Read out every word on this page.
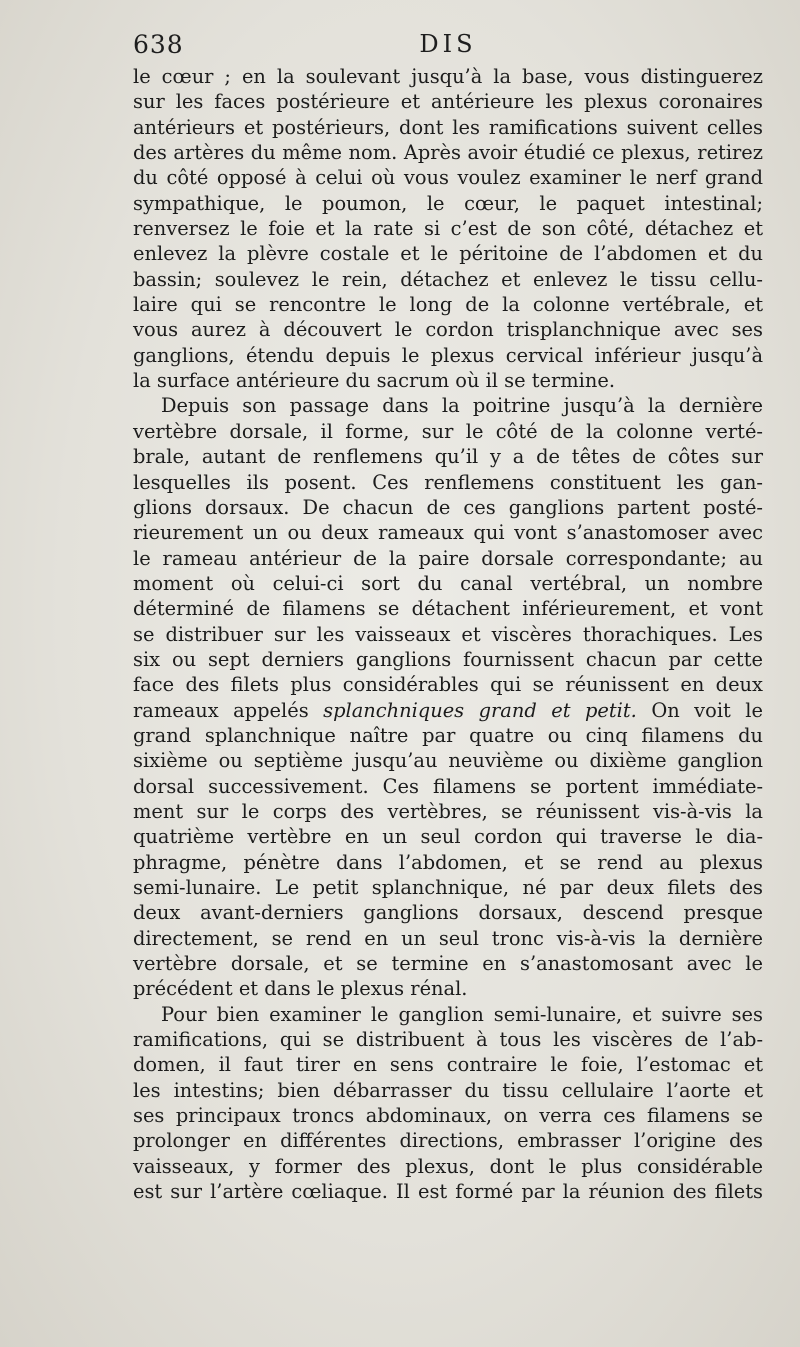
638	DIS
le cœur ; en la soulevant jusqu’à la base, vous distinguerez
sur les faces postérieure et antérieure les plexus coronaires
antérieurs et postérieurs, dont les ramifications suivent celles
des artères du même nom. Après avoir étudié ce plexus, retirez
du côté opposé à celui où vous voulez examiner le nerf grand
sympathique, le poumon, le cœur, le paquet intestinal;
renversez le foie et la rate si c’est de son côté, détachez et
enlevez la plèvre costale et le péritoine de l’abdomen et du
bassin; soulevez le rein, détachez et enlevez le tissu cellu-
laire qui se rencontre le long de la colonne vertébrale, et
vous aurez à découvert le cordon trisplanchnique avec ses
ganglions, étendu depuis le plexus cervical inférieur jusqu’à
la surface antérieure du sacrum où il se termine.
Depuis son passage dans la poitrine jusqu’à la dernière
vertèbre dorsale, il forme, sur le côté de la colonne verté-
brale, autant de renflemens qu’il y a de têtes de côtes sur
lesquelles ils posent. Ces renflemens constituent les gan-
glions dorsaux. De chacun de ces ganglions partent posté-
rieurement un ou deux rameaux qui vont s’anastomoser avec
le rameau antérieur de la paire dorsale correspondante; au
moment où celui-ci sort du canal vertébral, un nombre
déterminé de filamens se détachent inférieurement, et vont
se distribuer sur les vaisseaux et viscères thorachiques. Les
six ou sept derniers ganglions fournissent chacun par cette
face des filets plus considérables qui se réunissent en deux
rameaux appelés splanchniques grand et petit. On voit le
grand splanchnique naître par quatre ou cinq filamens du
sixième ou septième jusqu’au neuvième ou dixième ganglion
dorsal successivement. Ces filamens se portent immédiate-
ment sur le corps des vertèbres, se réunissent vis-à-vis la
quatrième vertèbre en un seul cordon qui traverse le dia-
phragme, pénètre dans l’abdomen, et se rend au plexus
semi-lunaire. Le petit splanchnique, né par deux filets des
deux avant-derniers ganglions dorsaux, descend presque
directement, se rend en un seul tronc vis-à-vis la dernière
vertèbre dorsale, et se termine en s’anastomosant avec le
précédent et dans le plexus rénal.
Pour bien examiner le ganglion semi-lunaire, et suivre ses
ramifications, qui se distribuent à tous les viscères de l’ab-
domen, il faut tirer en sens contraire le foie, l’estomac et
les intestins; bien débarrasser du tissu cellulaire l’aorte et
ses principaux troncs abdominaux, on verra ces filamens se
prolonger en différentes directions, embrasser l’origine des
vaisseaux, y former des plexus, dont le plus considérable
est sur l’artère cœliaque. Il est formé par la réunion des filets
